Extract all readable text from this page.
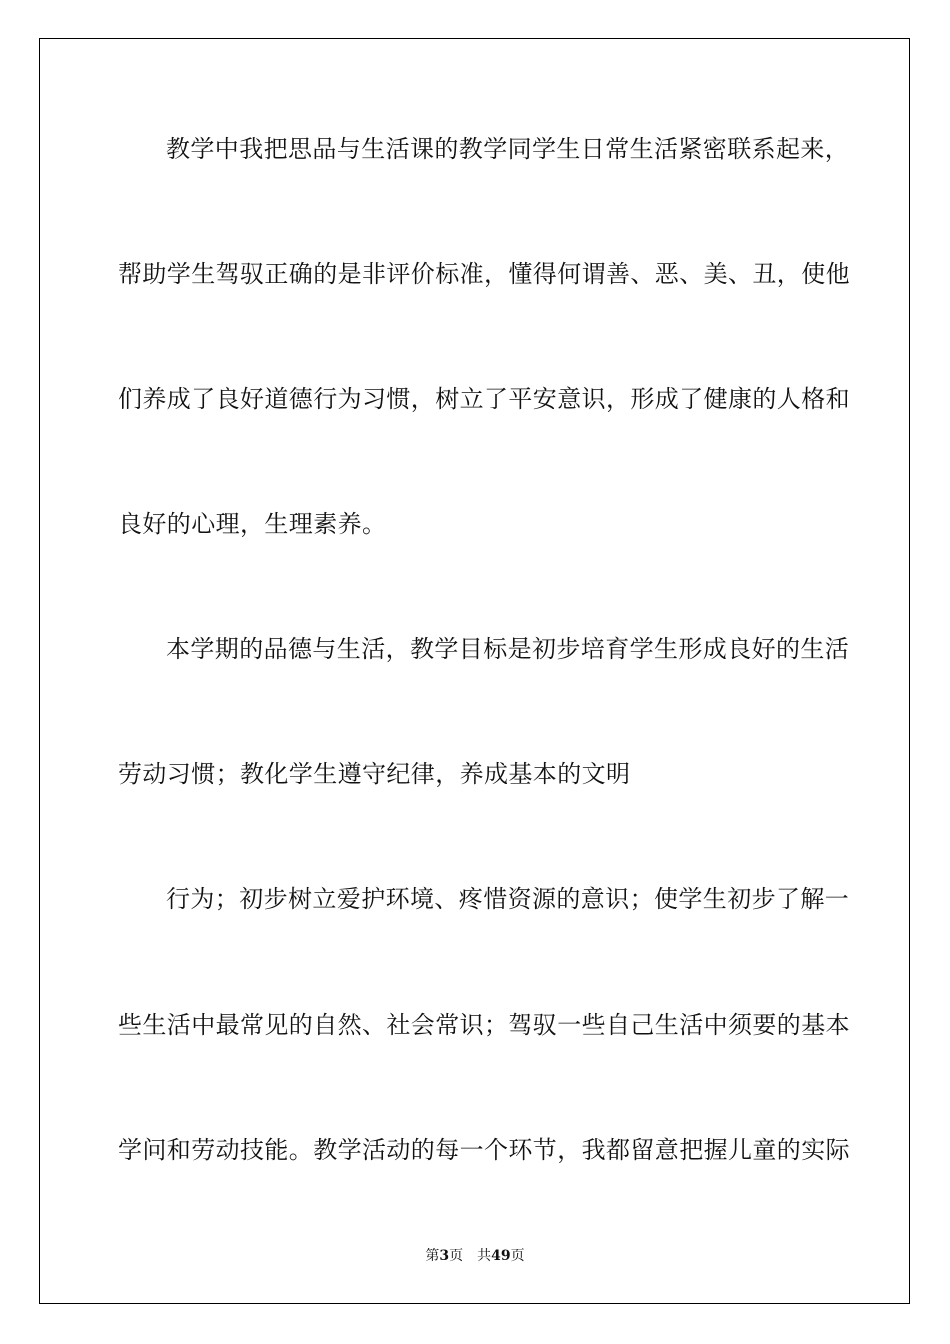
教学中我把思品与生活课的教学同学生日常生活紧密联系起来，
帮助学生驾驭正确的是非评价标准，懂得何谓善、恶、美、丑，使他
们养成了良好道德行为习惯，树立了平安意识，形成了健康的人格和
良好的心理，生理素养。
本学期的品德与生活，教学目标是初步培育学生形成良好的生活
劳动习惯；教化学生遵守纪律，养成基本的文明
行为；初步树立爱护环境、疼惜资源的意识；使学生初步了解一
些生活中最常见的自然、社会常识；驾驭一些自己生活中须要的基本
学问和劳动技能。教学活动的每一个环节，我都留意把握儿童的实际
第3页 共49页
